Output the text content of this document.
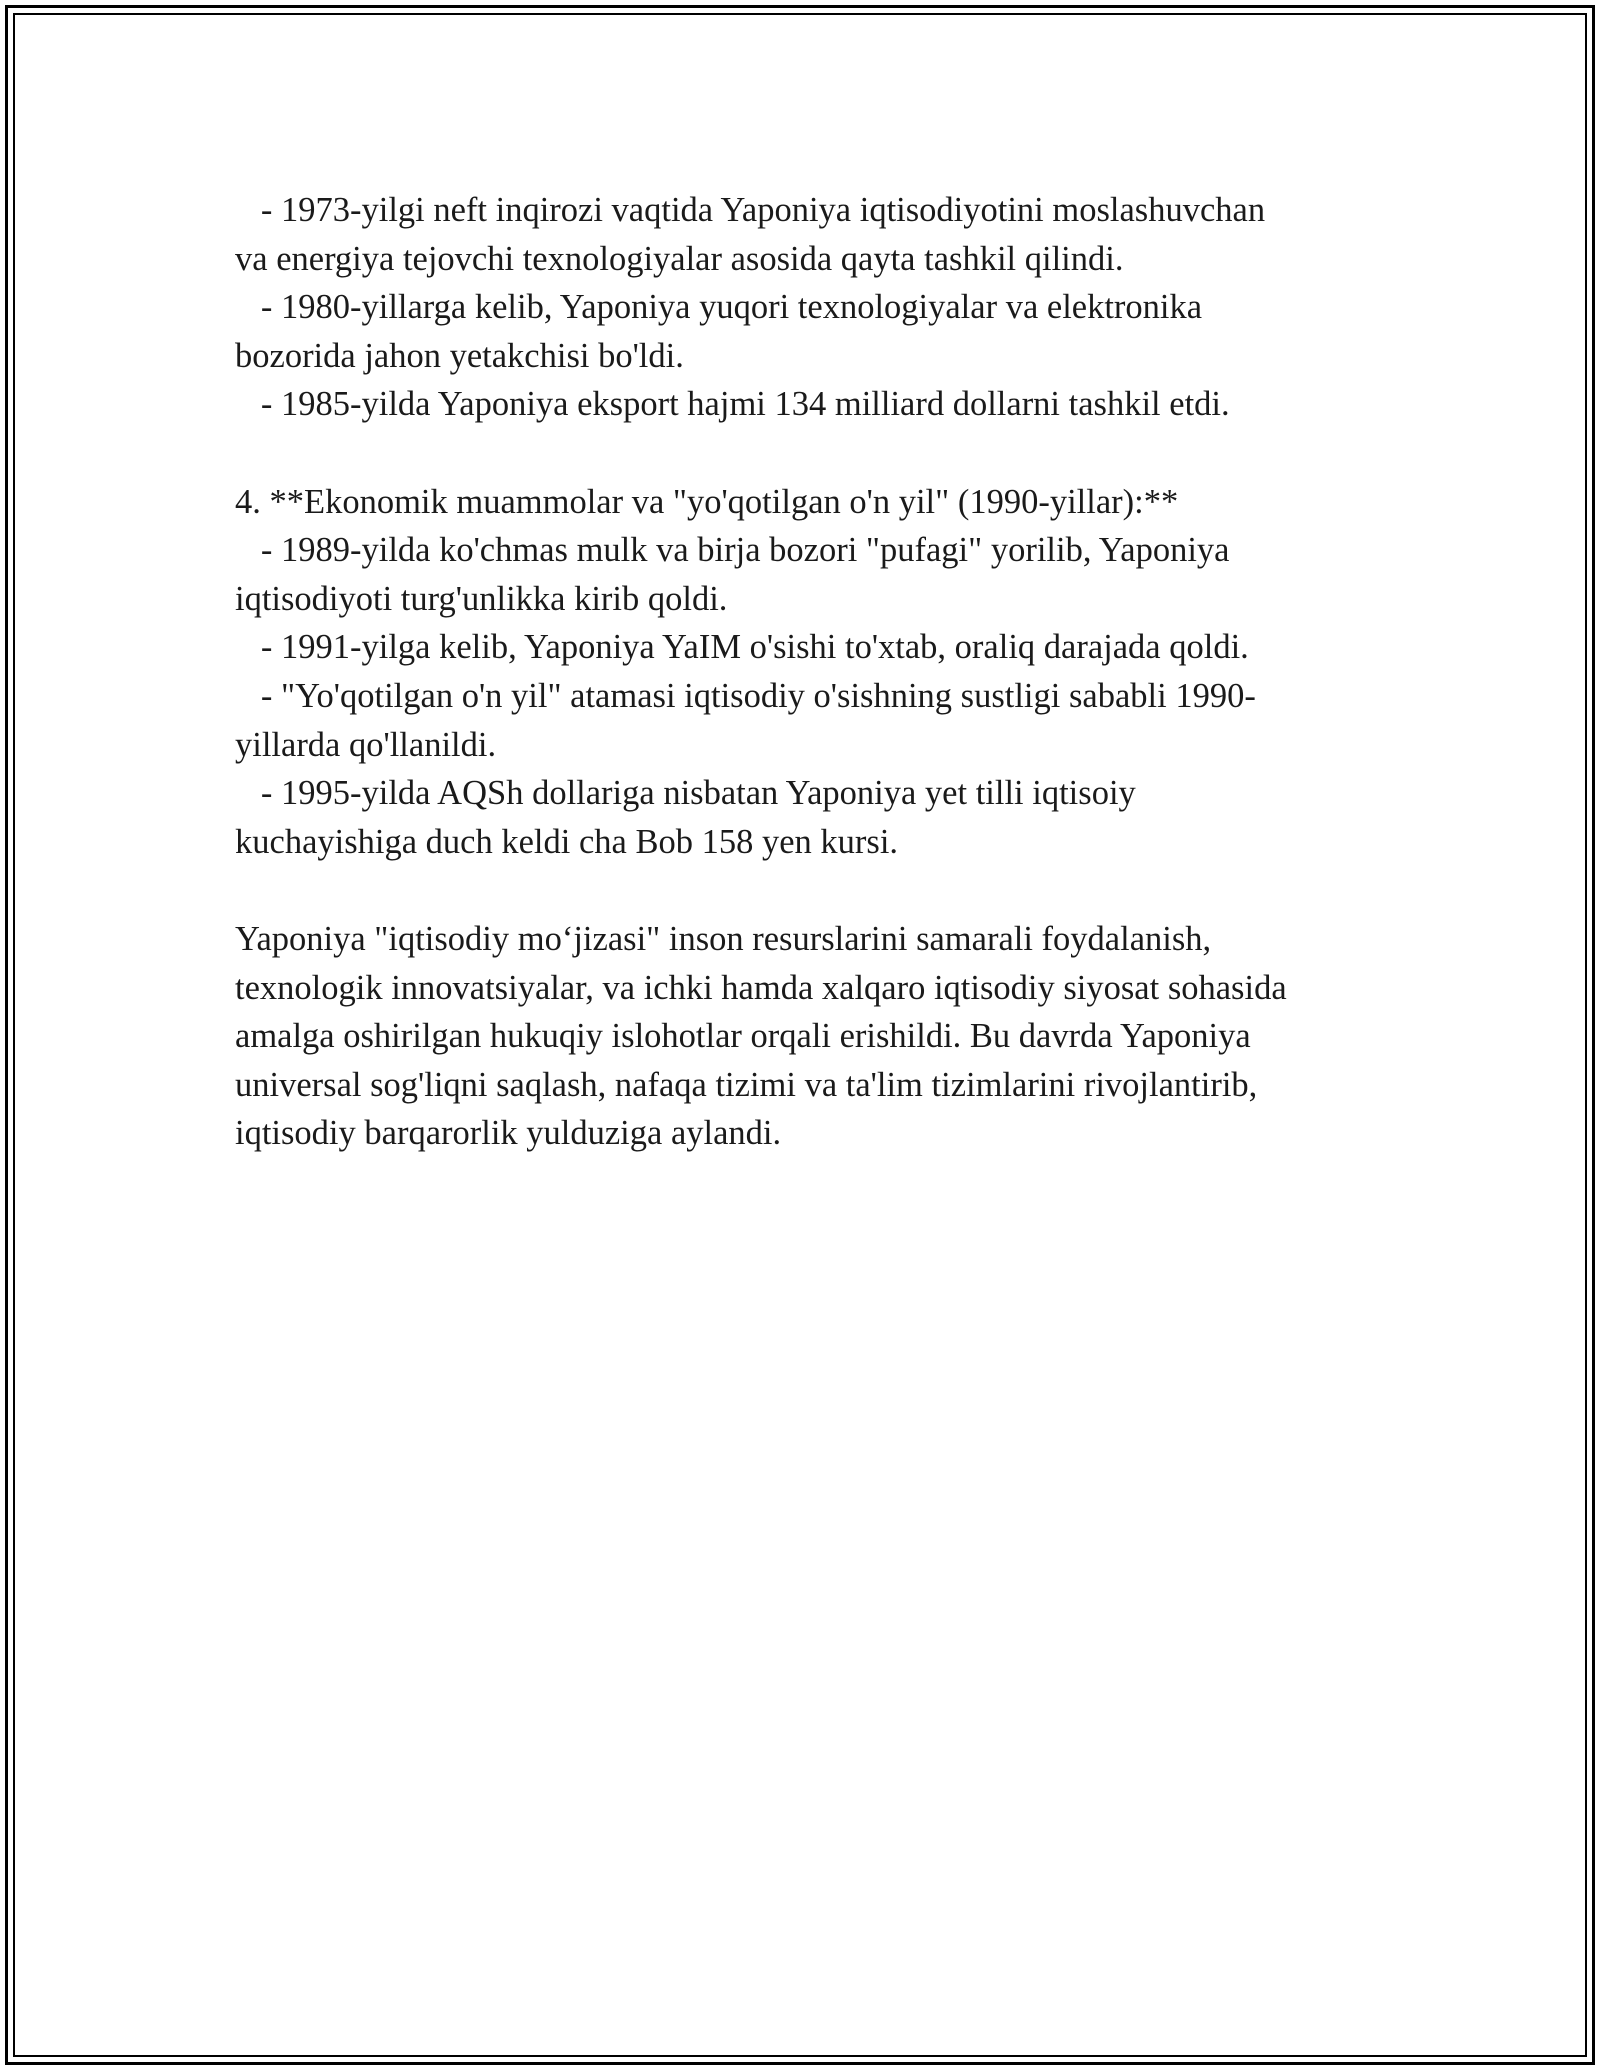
- 1973-yilgi neft inqirozi vaqtida Yaponiya iqtisodiyotini moslashuvchan
va energiya tejovchi texnologiyalar asosida qayta tashkil qilindi.
- 1980-yillarga kelib, Yaponiya yuqori texnologiyalar va elektronika
bozorida jahon yetakchisi bo'ldi.
- 1985-yilda Yaponiya eksport hajmi 134 milliard dollarni tashkil etdi.
4. **Ekonomik muammolar va "yo'qotilgan o'n yil" (1990-yillar):**
- 1989-yilda ko'chmas mulk va birja bozori "pufagi" yorilib, Yaponiya
iqtisodiyoti turg'unlikka kirib qoldi.
- 1991-yilga kelib, Yaponiya YaIM o'sishi to'xtab, oraliq darajada qoldi.
- "Yo'qotilgan o'n yil" atamasi iqtisodiy o'sishning sustligi sababli 1990-
yillarda qo'llanildi.
- 1995-yilda AQSh dollariga nisbatan Yaponiya yet tilli iqtisoiy
kuchayishiga duch keldi cha Bob 158 yen kursi.
Yaponiya "iqtisodiy mo‘jizasi" inson resurslarini samarali foydalanish,
texnologik innovatsiyalar, va ichki hamda xalqaro iqtisodiy siyosat sohasida
amalga oshirilgan hukuqiy islohotlar orqali erishildi. Bu davrda Yaponiya
universal sog'liqni saqlash, nafaqa tizimi va ta'lim tizimlarini rivojlantirib,
iqtisodiy barqarorlik yulduziga aylandi.
